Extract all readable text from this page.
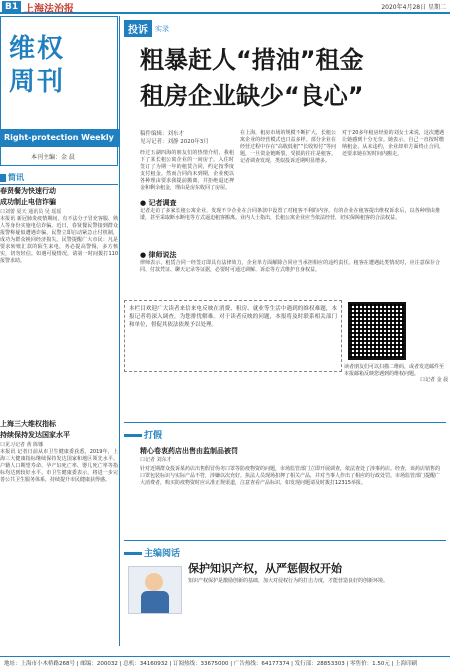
B1 上海法治报	2020年4月28日 星期二
维权
周刊
Right-protection Weekly
本刊主编：金 晨
简讯
春贤餐为快速行动
成功制止电信诈骗
口刘蕾 夏天 通讯员 吴 瑶瑶
本报讯 新冠肺炎疫情期间，有不法分子冒充客服、熟人等身份实施电信诈骗。近日，春贤餐民警接到群众报警称疑似遭遇诈骗，民警立即启动紧急止付机制，成功为群众挽回经济损失。民警提醒广大市民：凡是要求转账汇款的陌生来电，务必提高警惕，多方核实，切勿轻信。如遇可疑情况，请第一时间拨打110报警求助。
上海三大维权指标
持续保持发达国家水平
口见习记者 黄 陈娜
本报讯 记者日前从市卫生健康委获悉，2019年，上海三大健康指标继续保持发达国家和地区领先水平。户籍人口期望寿命、孕产妇死亡率、婴儿死亡率等指标均达到较好水平。市卫生健康委表示，将进一步完善公共卫生服务体系，持续提升市民健康获得感。
投诉	实录
粗暴赶人“措油”租金
租房企业缺少“良心”
稿件编辑：刘东才
见习记者：刘静 2020年3月
经过五湖四海的朋友们的热情介绍，我租下了某长租公寓企业的一间房子。入住时签订了为期一年的租赁合同，约定按季度支付租金。然而合同尚未到期，企业便以各种理由要求我提前搬离，并拒绝退还押金和剩余租金，理由是房东收回了房屋。
在上海，租房市场的规模不断扩大，长租公寓企业的经营模式也日益多样。部分企业在经营过程中存在“高收低租”“长收短付”等问题，一旦资金链断裂，受损的往往是租客。记者调查发现，类似投诉近期明显增多。
对于20多年租房经验的刘女士来说，这次遭遇让她感到十分无奈。她表示，自己一直按时缴纳租金，从未违约，企业却单方面终止合同，还要求她在短时间内搬走。
● 记者调查
记者走访了多家长租公寓企业，发现不少企业在合同条款中设置了对租客不利的内容。有的企业在租客提出维权诉求后，以各种理由推诿，甚至采取断水断电等方式逼迫租客搬离。业内人士指出，长租公寓企业应当依法经营，切实保障租客的合法权益。
● 律师说法
律师表示，租赁合同一经签订即具有法律效力，企业单方面解除合同应当承担相应的违约责任。租客在遭遇此类情况时，应注意保存合同、付款凭证、聊天记录等证据，必要时可通过调解、诉讼等方式维护自身权益。
本栏目欢迎广大读者来信来电反映在消费、租房、就业等生活中遇到的维权难题，本报记者将深入调查，为您排忧解难。对于读者反映的问题，本报将及时联系相关部门和单位，督促其依法依规予以处理。
读者朋友们可以扫描二维码，或者发送邮件至本报邮箱反映您遇到的维权问题。
口记者 金 晨
打假
精心卷衷药店出售由监制品被罚
口记者 刘东才
针对近期群众投诉某药店出售假冒伪劣口罩等防疫物资的问题，市场监管部门立即开展调查，依法查处了涉事药店。经查，该药店销售的口罩包装标识与实际产品不符，涉嫌以次充好。执法人员现场扣押了相关产品，并对当事人作出了相应的行政处罚。市场监管部门提醒广大消费者，购买防疫物资时应认准正规渠道，注意查看产品标识，如发现问题请及时拨打12315举报。
主编阅话
保护知识产权，从严惩假权开始
知识产权保护是激励创新的基础，加大对侵权行为的打击力度，才能营造良好的创新环境。
地址：上海市小木桥路268号 | 邮编：200032 | 总机：34160932 | 订阅热线：33675000 | 广告热线：64177374 | 发行部：28853303 | 零售价：1.50元 | 上海印刷
